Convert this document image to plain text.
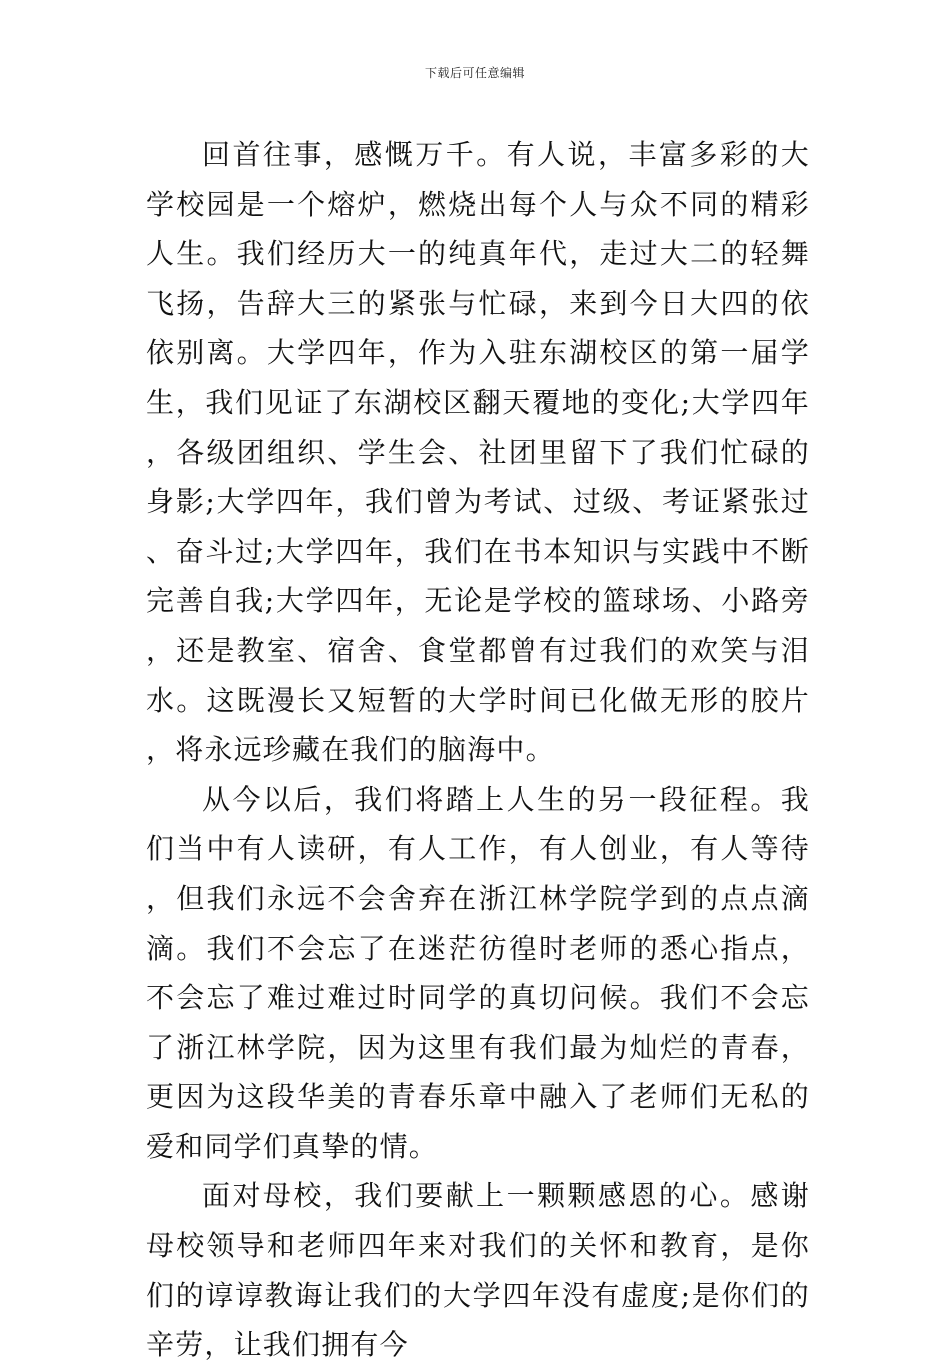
下载后可任意编辑

回首往事，感慨万千。有人说，丰富多彩的大学校园是一个熔炉，燃烧出每个人与众不同的精彩人生。我们经历大一的纯真年代，走过大二的轻舞飞扬，告辞大三的紧张与忙碌，来到今日大四的依依别离。大学四年，作为入驻东湖校区的第一届学生，我们见证了东湖校区翻天覆地的变化;大学四年，各级团组织、学生会、社团里留下了我们忙碌的身影;大学四年，我们曾为考试、过级、考证紧张过、奋斗过;大学四年，我们在书本知识与实践中不断完善自我;大学四年，无论是学校的篮球场、小路旁，还是教室、宿舍、食堂都曾有过我们的欢笑与泪水。这既漫长又短暂的大学时间已化做无形的胶片，将永远珍藏在我们的脑海中。

从今以后，我们将踏上人生的另一段征程。我们当中有人读研，有人工作，有人创业，有人等待，但我们永远不会舍弃在浙江林学院学到的点点滴滴。我们不会忘了在迷茫彷徨时老师的悉心指点，不会忘了难过难过时同学的真切问候。我们不会忘了浙江林学院，因为这里有我们最为灿烂的青春，更因为这段华美的青春乐章中融入了老师们无私的爱和同学们真挚的情。

面对母校，我们要献上一颗颗感恩的心。感谢母校领导和老师四年来对我们的关怀和教育，是你们的谆谆教诲让我们的大学四年没有虚度;是你们的辛劳，让我们拥有今
